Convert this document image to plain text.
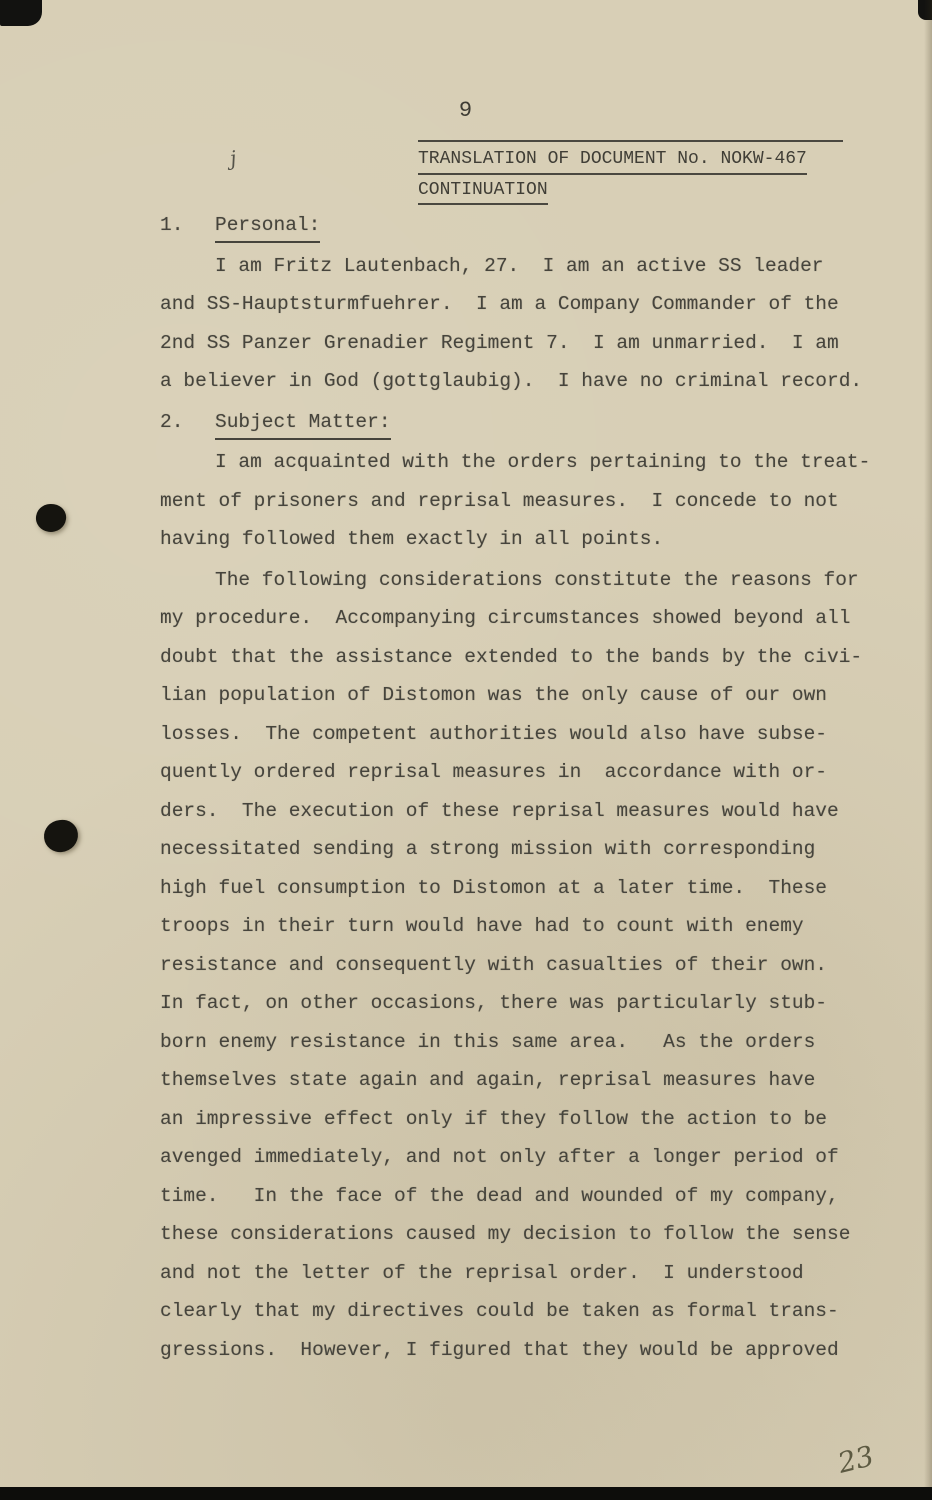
9
j	TRANSLATION OF DOCUMENT No. NOKW-467
CONTINUATION
1. Personal:
I am Fritz Lautenbach, 27.  I am an active SS leader
and SS-Hauptsturmfuehrer.  I am a Company Commander of the
2nd SS Panzer Grenadier Regiment 7.  I am unmarried.  I am
a believer in God (gottglaubig).  I have no criminal record.
2. Subject Matter:
I am acquainted with the orders pertaining to the treat-
ment of prisoners and reprisal measures.  I concede to not
having followed them exactly in all points.
The following considerations constitute the reasons for
my procedure.  Accompanying circumstances showed beyond all
doubt that the assistance extended to the bands by the civi-
lian population of Distomon was the only cause of our own
losses.  The competent authorities would also have subse-
quently ordered reprisal measures in  accordance with or-
ders.  The execution of these reprisal measures would have
necessitated sending a strong mission with corresponding
high fuel consumption to Distomon at a later time.  These
troops in their turn would have had to count with enemy
resistance and consequently with casualties of their own.
In fact, on other occasions, there was particularly stub-
born enemy resistance in this same area.   As the orders
themselves state again and again, reprisal measures have
an impressive effect only if they follow the action to be
avenged immediately, and not only after a longer period of
time.   In the face of the dead and wounded of my company,
these considerations caused my decision to follow the sense
and not the letter of the reprisal order.  I understood
clearly that my directives could be taken as formal trans-
gressions.  However, I figured that they would be approved
23
